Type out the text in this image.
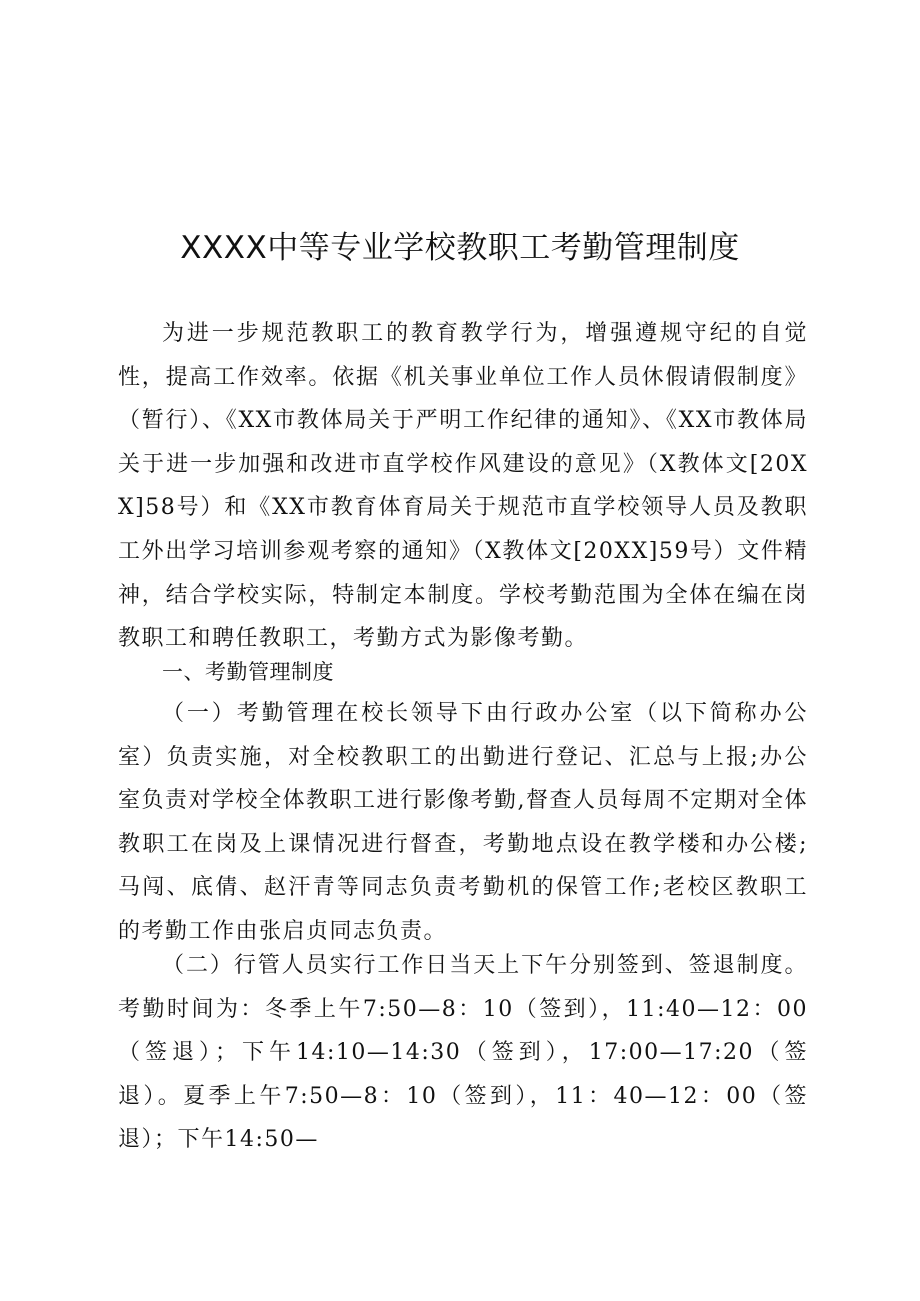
XXXX中等专业学校教职工考勤管理制度

为进一步规范教职工的教育教学行为，增强遵规守纪的自觉性，提高工作效率。依据《机关事业单位工作人员休假请假制度》（暂行）、《XX市教体局关于严明工作纪律的通知》、《XX市教体局关于进一步加强和改进市直学校作风建设的意见》（X教体文[20XX]58号）和《XX市教育体育局关于规范市直学校领导人员及教职工外出学习培训参观考察的通知》（X教体文[20XX]59号）文件精神，结合学校实际，特制定本制度。学校考勤范围为全体在编在岗教职工和聘任教职工，考勤方式为影像考勤。

一、考勤管理制度

（一）考勤管理在校长领导下由行政办公室（以下简称办公室）负责实施，对全校教职工的出勤进行登记、汇总与上报;办公室负责对学校全体教职工进行影像考勤,督查人员每周不定期对全体教职工在岗及上课情况进行督查，考勤地点设在教学楼和办公楼;马闯、底倩、赵汗青等同志负责考勤机的保管工作;老校区教职工的考勤工作由张启贞同志负责。

（二）行管人员实行工作日当天上下午分别签到、签退制度。考勤时间为：冬季上午7:50—8：10（签到），11:40—12：00（签退）；下午14:10—14:30（签到），17:00—17:20（签退）。夏季上午7:50—8：10（签到），11：40—12：00（签退）；下午14:50—
